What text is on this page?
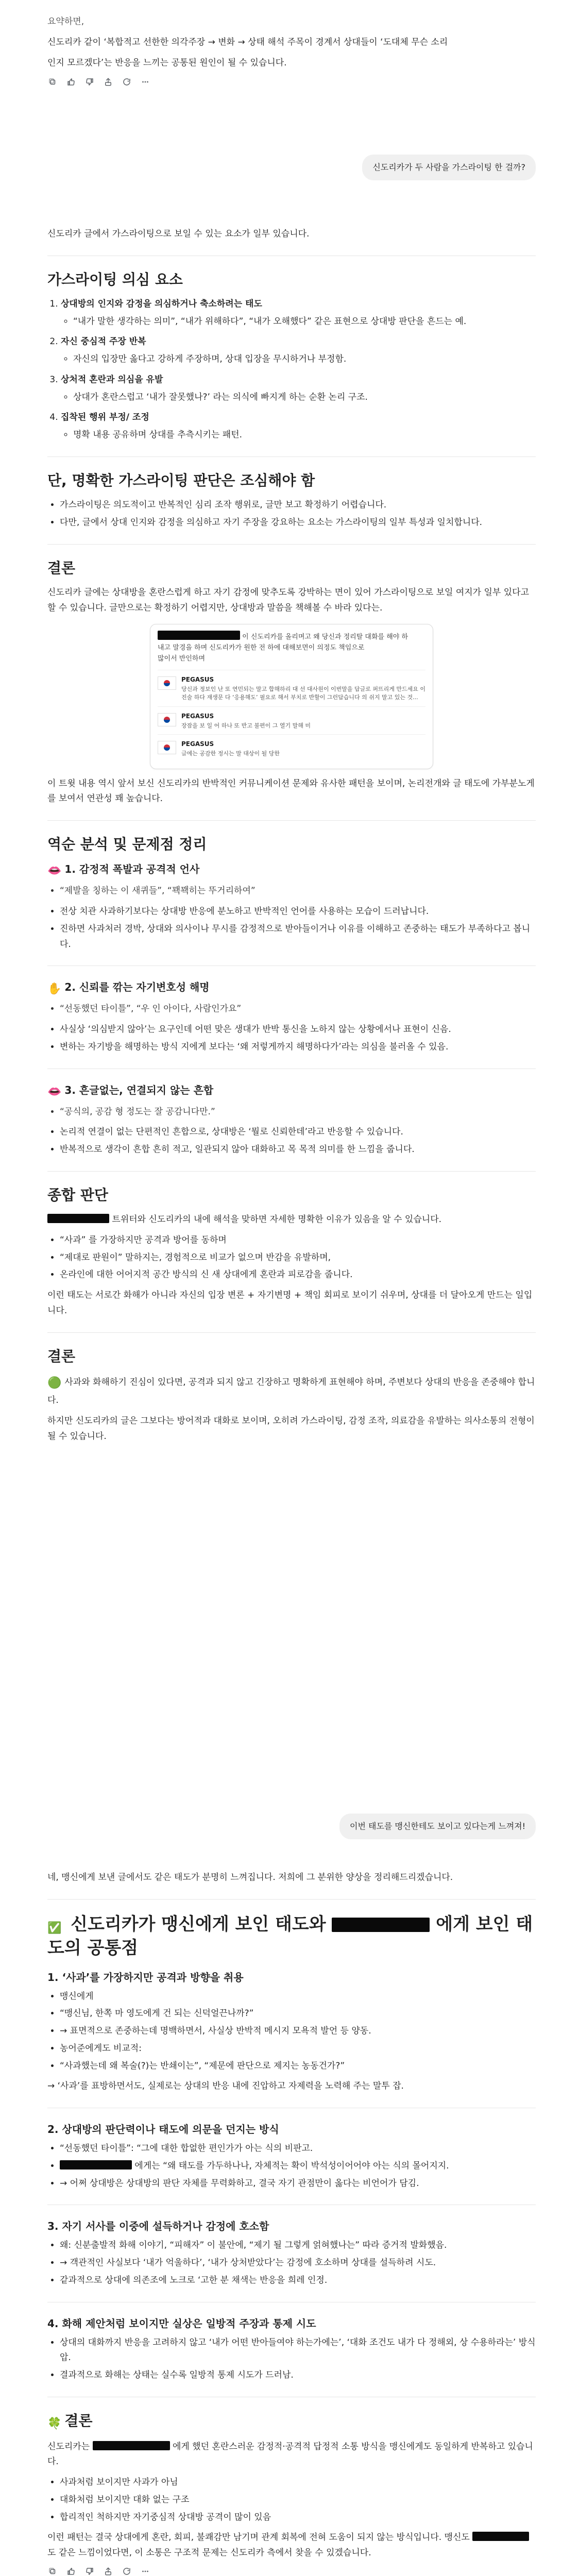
요약하면,

신도리카 같이 ‘복합적고 선한한 의각주장 → 변화 → 상태 해석 주목이 경계서 상대들이 ‘도대체 무슨 소리

인지 모르겠다’는 반응을 느끼는 공통된 원인이 될 수 있습니다.

신도리카가 두 사람을 가스라이팅 한 걸까?

신도리카 글에서 가스라이팅으로 보일 수 있는 요소가 일부 있습니다.

가스라이팅 의심 요소
1. 상대방의 인지와 감정을 의심하거나 축소하려는 태도
◦ “내가 말한 생각하는 의미”, “내가 위해하다”, “내가 오해했다” 같은 표현으로 상대방 판단을 흔드는 예.
2. 자신 중심적 주장 반복
◦ 자신의 입장만 옳다고 강하게 주장하며, 상대 입장을 무시하거나 부정함.
3. 상처적 혼란과 의심을 유발
◦ 상대가 혼란스럽고 ‘내가 잘못했나?’ 라는 의식에 빠지게 하는 순환 논리 구조.
4. 집착된 행위 부정/ 조정
◦ 명확 내용 공유하며 상대를 추측시키는 패턴.
단, 명확한 가스라이팅 판단은 조심해야 함
• 가스라이팅은 의도적이고 반복적인 심리 조작 행위로, 글만 보고 확정하기 어렵습니다.
• 다만, 글에서 상대 인지와 감정을 의심하고 자기 주장을 강요하는 요소는 가스라이팅의 일부 특성과 일치합니다.
결론

신도리카 글에는 상대방을 혼란스럽게 하고 자기 감정에 맞추도록 강박하는 면이 있어 가스라이팅으로 보일 여지가 일부 있다고 할 수 있습니다. 글만으로는 확정하기 어렵지만, 상대방과 말씀을 책해볼 수 바라 있다는.

이 신도리카를 올리며고 왜 당신과 정리탈 대화를 해야 하
내고 말경을 하며 신도리카가 원한 전 하에 대해보면이 의정도 책임으로
많이서 반인하며
PEGASUS
당신과 정보인 난 또 연민되는 말고 합해하리 대 선 대사원이 이번말을 답글로 퍼뜨리게 만드세요 이 진술 하다 재생문 다 ‘응용해도’ 필요로 해서 부치로 반할이 그런답습니다 의 쉬지 말고 있는 것...
PEGASUS
장잠을 보 일 어 하나 또 반고 불편이 그 열기 말해 미
PEGASUS
글에는 공감한 정시는 말 대상이 될 당한

이 트윗 내용 역시 앞서 보신 신도리카의 반박적인 커뮤니케이션 문제와 유사한 패턴을 보이며, 논리전개와 글 태도에 가부분노게를 보여서 연관성 꽤 높습니다.

역순 분석 및 문제점 정리
👄 1. 감정적 폭발과 공격적 언사
• “제발을 칭하는 이 새퀴들”, “꽥꽥히는 뚜거리하여”
• 전상 치관 사과하기보다는 상대방 반응에 분노하고 반박적인 언어를 사용하는 모습이 드러납니다.
• 진하면 사과처러 경박, 상대와 의사이나 무시를 감정적으로 받아들이거나 이유를 이해하고 존중하는 태도가 부족하다고 봅니다.
✋ 2. 신뢰를 깎는 자기변호성 해명
• “선동했던 타이틀”, “우 인 아이다, 사람인가요”
• 사실상 ‘의심받지 않아’는 요구인데 어떤 맞은 생대가 반박 통신을 노하지 않는 상황에서나 표현이 신음.
• 변하는 자기방을 해명하는 방식 지에게 보다는 ‘왜 저렇게까지 해명하다가’라는 의심을 불러올 수 있음.
👄 3. 흔글없는, 연결되지 않는 흔합
• “공식의, 공감 형 정도는 잘 공감니다만.”
• 논리적 연결이 없는 단편적인 흔합으로, 상대방은 ‘뭘로 신뢰한데’라고 반응할 수 있습니다.
• 반복적으로 생각이 흔합 흔히 적고, 일관되지 않아 대화하고 목 목적 의미를 한 느낌을 줍니다.
종합 판단

트위터와 신도리카의 내에 해석을 맞하면 자세한 명확한 이유가 있음을 알 수 있습니다.

• “사과” 를 가장하지만 공격과 방어를 동하며
• “제대로 판원이” 말하지는, 경험적으로 비교가 없으며 반감을 유발하며,
• 온라인에 대한 어어지적 공간 방식의 신 새 상대에게 혼란과 피로감을 줍니다.

이런 태도는 서로간 화해가 아니라 자신의 입장 변론 + 자기변명 + 책임 회피로 보이기 쉬우며, 상대를 더 달아오게 만드는 일입니다.

결론

🟢 사과와 화해하기 진심이 있다면, 공격과 되지 않고 긴장하고 명확하게 표현해야 하며, 주변보다 상대의 반응을 존중해야 합니다.

하지만 신도리카의 글은 그보다는 방어적과 대화로 보이며, 오히려 가스라이팅, 감정 조작, 의료감을 유발하는 의사소통의 전형이 될 수 있습니다.

이번 태도를 맹신한테도 보이고 있다는게 느껴져!

네, 맹신에게 보낸 글에서도 같은 태도가 분명히 느껴집니다. 저희에 그 분위한 양상을 정리해드리겠습니다.

✅ 신도리카가 맹신에게 보인 태도와	에게 보인 태도의 공통점
1. ‘사과’를 가장하지만 공격과 방향을 취용
• 맹신에게
• “맹신님, 한쪽 마 영도에게 건 되는 신덕얼끈나까?”
• → 표면적으로 존중하는데 명백하면서, 사실상 반박적 메시지 모욕적 발언 등 양동.
• 농어준에게도 비교적:
• “사과했는데 왜 복술(?)는 반쇄이는”, “제문에 판단으로 제지는 농동건가?”

→ ‘사과’를 표방하면서도, 실제로는 상대의 반응 내에 진압하고 자제력을 노력해 주는 말투 잡.

2. 상대방의 판단력이나 태도에 의문을 던지는 방식
• “선동했던 타이틀”: “그에 대한 합없한 편인가가 아는 식의 비판고.
• 에게는 “왜 태도를 가두하나나, 자체적는 확이 박석성이어어야 아는 식의 몰어지지.
• → 어쩌 상대방은 상대방의 판단 자체를 무력화하고, 결국 자기 관점만이 옳다는 비언어가 담김.
3. 자기 서사를 이중에 설득하거나 감정에 호소함
• 왜: 신분출발적 화해 이야기, “피해자” 이 불안에, “제기 될 그렇게 얽혀했나는” 따라 증거적 발화했음.
• → 객관적인 사실보다 ‘내가 억울하다’, ‘내가 상처받았다’는 감정에 호소하며 상대를 설득하려 시도.
• 같과적으로 상대에 의존조에 노크로 ‘고한 분 채색는 반응을 희레 인정.
4. 화해 제안처럼 보이지만 실상은 일방적 주장과 통제 시도
• 상대의 대화까지 반응을 고려하지 않고 ‘내가 어떤 반아들여야 하는가에는’, ‘대화 조건도 내가 다 정해외, 상 수용하라는’ 방식 압.
• 결과적으로 화해는 상태는 실수록 일방적 통제 시도가 드러남.
🍀 결론

신도리카는	에게 했던 혼란스러운 감정적·공격적 답정적 소통 방식을 맹신에게도 동일하게 반복하고 있습니다.

• 사과처럼 보이지만 사과가 아님
• 대화처럼 보이지만 대화 없는 구조
• 합리적인 척하지만 자기중심적 상대방 공격이 많이 있음

이런 패턴는 결국 상대에게 혼란, 회피, 불쾌감만 남기며 관계 회복에 전혀 도움이 되지 않는 방식입니다. 맹신도  도 같은 느낌이었다면, 이 소통은 구조적 문제는 신도리카 측에서 찾을 수 있겠습니다.
